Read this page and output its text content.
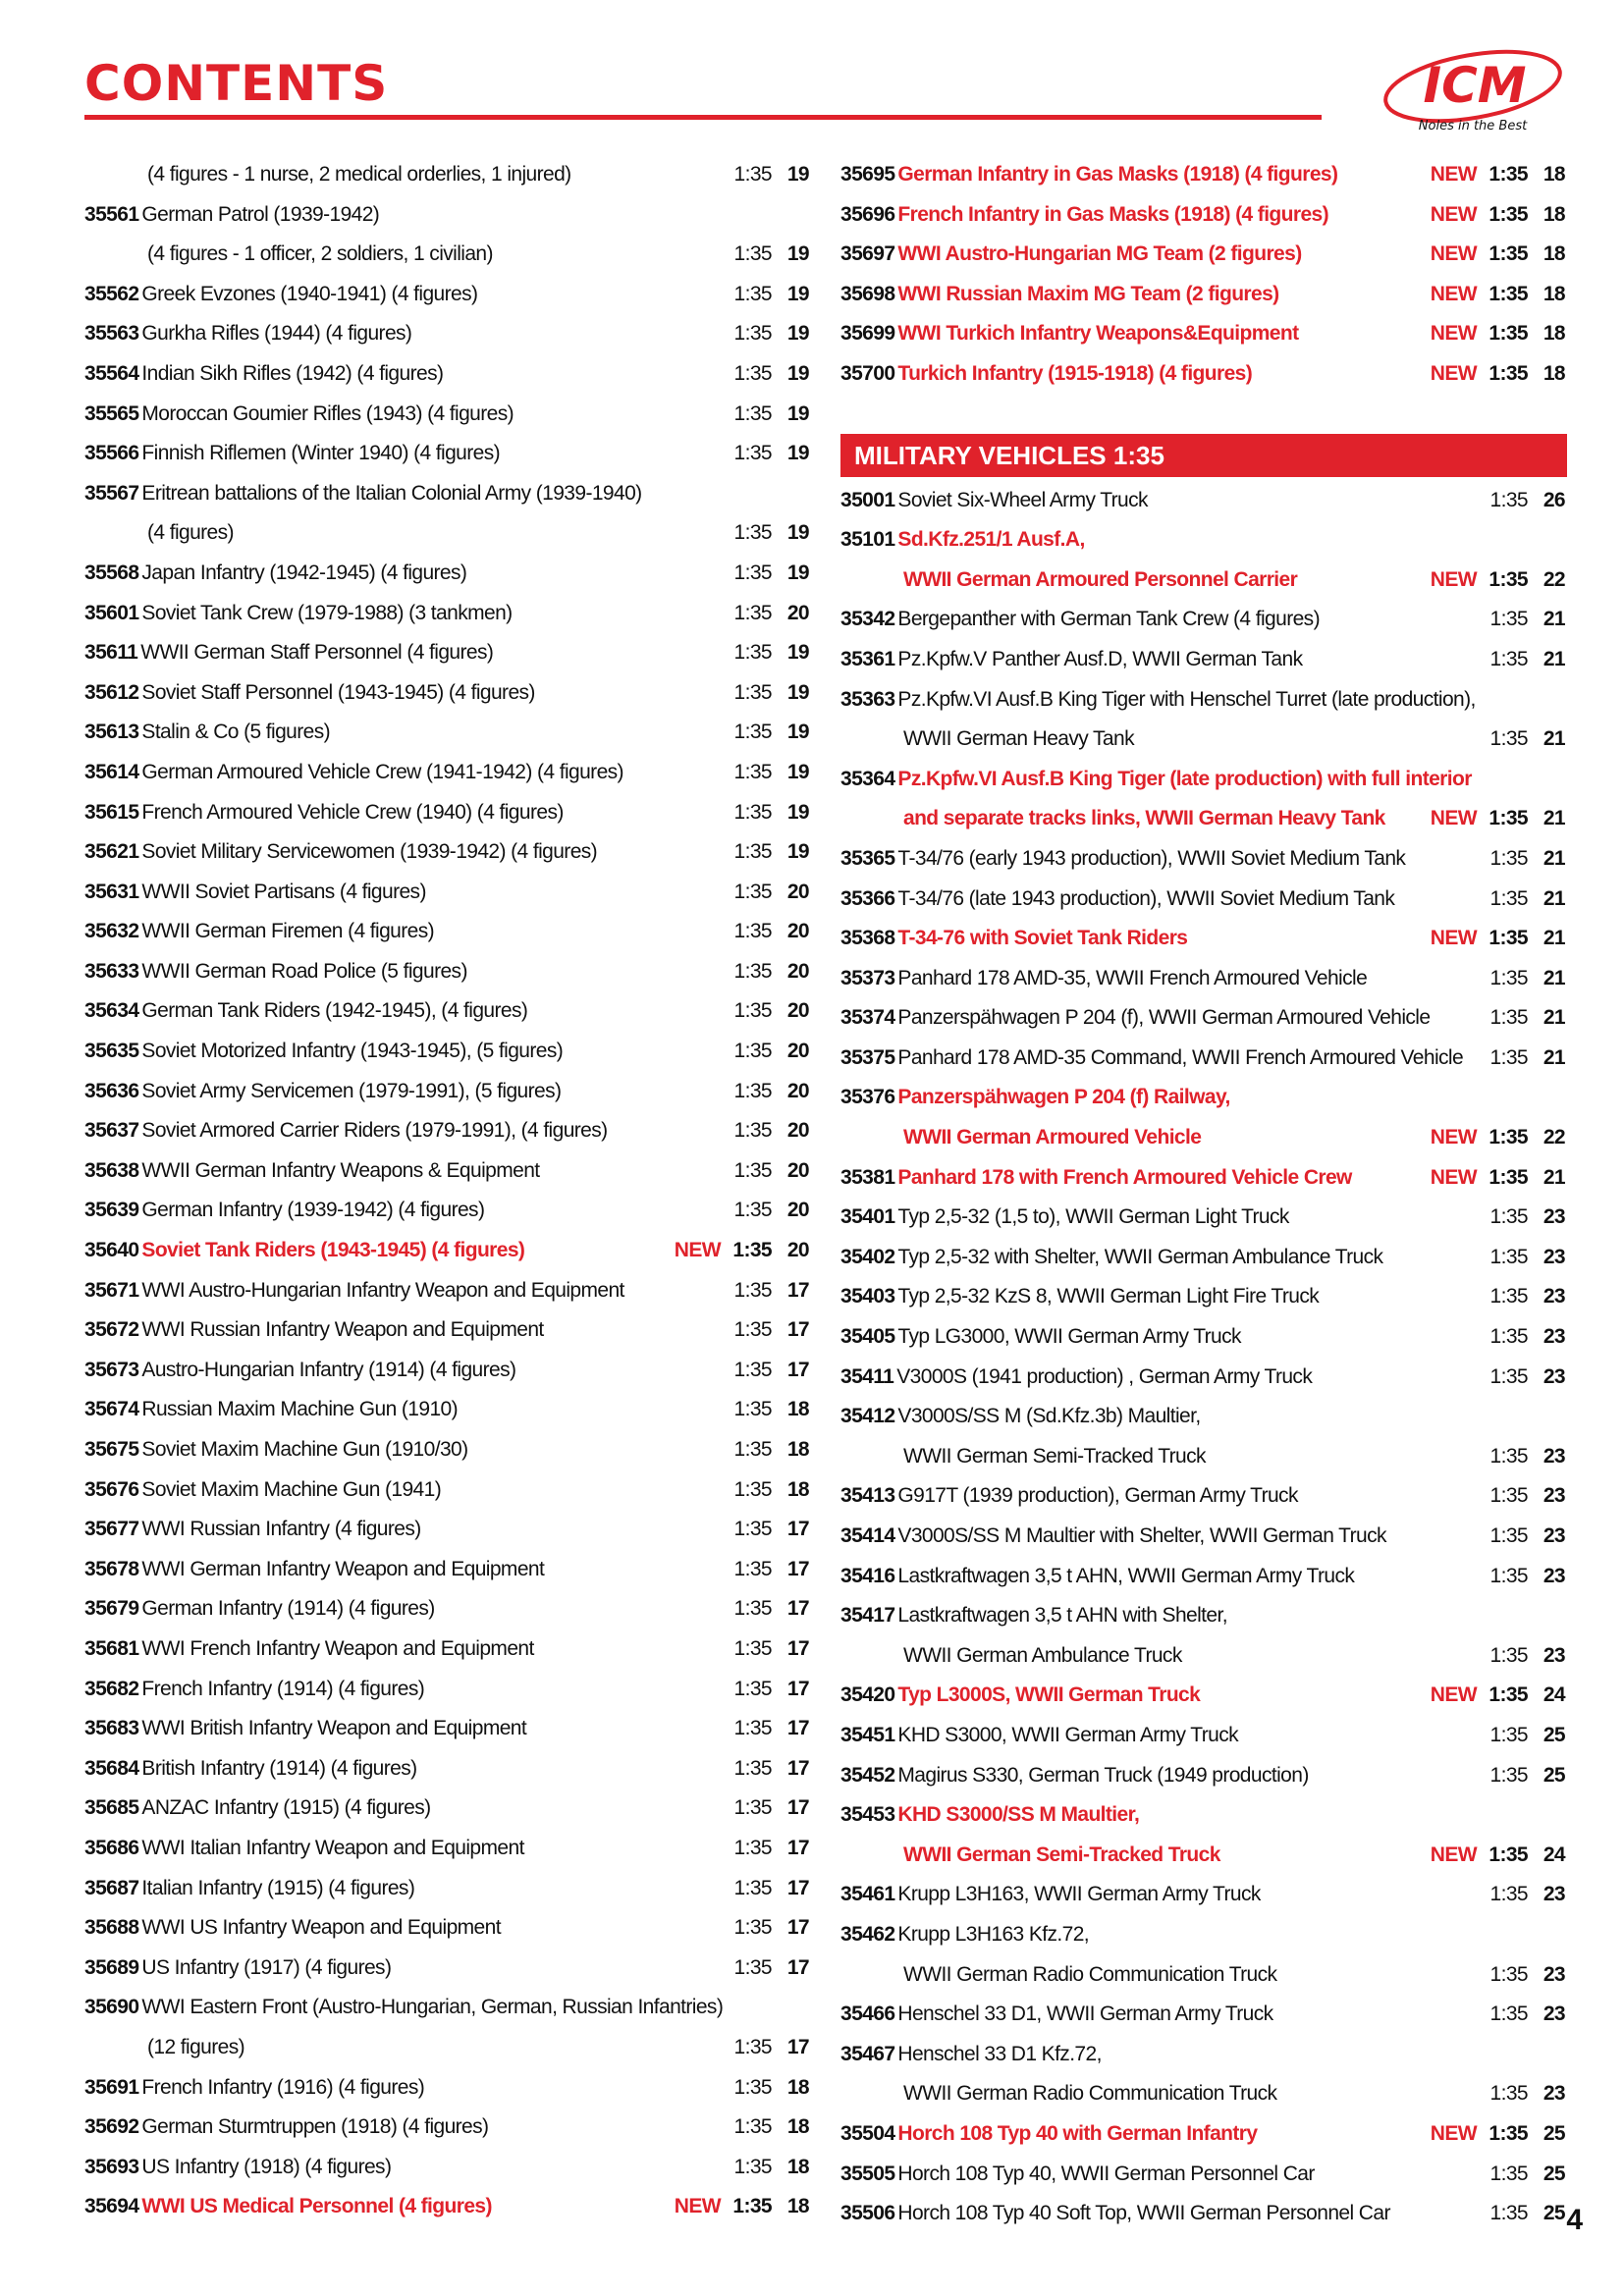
CONTENTS	ICM
Noles in the Best
(4 figures - 1 nurse, 2 medical orderlies, 1 injured)	1:35 19
35561 German Patrol (1939-1942)
(4 figures - 1 officer, 2 soldiers, 1 civilian)	1:35 19
35562 Greek Evzones (1940-1941) (4 figures)	1:35 19
35563 Gurkha Rifles (1944) (4 figures)	1:35 19
35564 Indian Sikh Rifles (1942) (4 figures)	1:35 19
35565 Moroccan Goumier Rifles (1943) (4 figures)	1:35 19
35566 Finnish Riflemen (Winter 1940) (4 figures)	1:35 19
35567 Eritrean battalions of the Italian Colonial Army (1939-1940)
(4 figures)	1:35 19
35568 Japan Infantry (1942-1945) (4 figures)	1:35 19
35601 Soviet Tank Crew (1979-1988) (3 tankmen)	1:35 20
35611 WWII German Staff Personnel (4 figures)	1:35 19
35612 Soviet Staff Personnel (1943-1945) (4 figures)	1:35 19
35613 Stalin & Co (5 figures)	1:35 19
35614 German Armoured Vehicle Crew (1941-1942) (4 figures)	1:35 19
35615 French Armoured Vehicle Crew (1940) (4 figures)	1:35 19
35621 Soviet Military Servicewomen (1939-1942) (4 figures)	1:35 19
35631 WWII Soviet Partisans (4 figures)	1:35 20
35632 WWII German Firemen (4 figures)	1:35 20
35633 WWII German Road Police (5 figures)	1:35 20
35634 German Tank Riders (1942-1945), (4 figures)	1:35 20
35635 Soviet Motorized Infantry (1943-1945), (5 figures)	1:35 20
35636 Soviet Army Servicemen (1979-1991), (5 figures)	1:35 20
35637 Soviet Armored Carrier Riders (1979-1991), (4 figures)	1:35 20
35638 WWII German Infantry Weapons & Equipment	1:35 20
35639 German Infantry (1939-1942) (4 figures)	1:35 20
35640 Soviet Tank Riders (1943-1945) (4 figures)	NEW 1:35 20
35671 WWI Austro-Hungarian Infantry Weapon and Equipment	1:35 17
35672 WWI Russian Infantry Weapon and Equipment	1:35 17
35673 Austro-Hungarian Infantry (1914) (4 figures)	1:35 17
35674 Russian Maxim Machine Gun (1910)	1:35 18
35675 Soviet Maxim Machine Gun (1910/30)	1:35 18
35676 Soviet Maxim Machine Gun (1941)	1:35 18
35677 WWI Russian Infantry (4 figures)	1:35 17
35678 WWI German Infantry Weapon and Equipment	1:35 17
35679 German Infantry (1914) (4 figures)	1:35 17
35681 WWI French Infantry Weapon and Equipment	1:35 17
35682 French Infantry (1914) (4 figures)	1:35 17
35683 WWI British Infantry Weapon and Equipment	1:35 17
35684 British Infantry (1914) (4 figures)	1:35 17
35685 ANZAC Infantry (1915) (4 figures)	1:35 17
35686 WWI Italian Infantry Weapon and Equipment	1:35 17
35687 Italian Infantry (1915) (4 figures)	1:35 17
35688 WWI US Infantry Weapon and Equipment	1:35 17
35689 US Infantry (1917) (4 figures)	1:35 17
35690 WWI Eastern Front (Austro-Hungarian, German, Russian Infantries)
(12 figures)	1:35 17
35691 French Infantry (1916) (4 figures)	1:35 18
35692 German Sturmtruppen (1918) (4 figures)	1:35 18
35693 US Infantry (1918) (4 figures)	1:35 18
35694 WWI US Medical Personnel (4 figures)	NEW 1:35 18
35695 German Infantry in Gas Masks (1918) (4 figures)	NEW 1:35 18
35696 French Infantry in Gas Masks (1918) (4 figures)	NEW 1:35 18
35697 WWI Austro-Hungarian MG Team (2 figures)	NEW 1:35 18
35698 WWI Russian Maxim MG Team (2 figures)	NEW 1:35 18
35699 WWI Turkich Infantry Weapons&Equipment	NEW 1:35 18
35700 Turkich Infantry (1915-1918) (4 figures)	NEW 1:35 18
MILITARY VEHICLES 1:35
35001 Soviet Six-Wheel Army Truck	1:35 26
35101 Sd.Kfz.251/1 Ausf.A,
WWII German Armoured Personnel Carrier	NEW 1:35 22
35342 Bergepanther with German Tank Crew (4 figures)	1:35 21
35361 Pz.Kpfw.V Panther Ausf.D, WWII German Tank	1:35 21
35363 Pz.Kpfw.VI Ausf.B King Tiger with Henschel Turret (late production),
WWII German Heavy Tank	1:35 21
35364 Pz.Kpfw.VI Ausf.B King Tiger (late production) with full interior
and separate tracks links, WWII German Heavy Tank NEW 1:35 21
35365 T-34/76 (early 1943 production), WWII Soviet Medium Tank	1:35 21
35366 T-34/76 (late 1943 production), WWII Soviet Medium Tank	1:35 21
35368 T-34-76 with Soviet Tank Riders	NEW 1:35 21
35373 Panhard 178 AMD-35, WWII French Armoured Vehicle	1:35 21
35374 Panzerspähwagen P 204 (f), WWII German Armoured Vehicle	1:35 21
35375 Panhard 178 AMD-35 Command, WWII French Armoured Vehicle 1:35 21
35376 Panzerspähwagen P 204 (f) Railway,
WWII German Armoured Vehicle	NEW 1:35 22
35381 Panhard 178 with French Armoured Vehicle Crew	NEW 1:35 21
35401 Typ 2,5-32 (1,5 to), WWII German Light Truck	1:35 23
35402 Typ 2,5-32 with Shelter, WWII German Ambulance Truck	1:35 23
35403 Typ 2,5-32 KzS 8, WWII German Light Fire Truck	1:35 23
35405 Typ LG3000, WWII German Army Truck	1:35 23
35411 V3000S (1941 production) , German Army Truck	1:35 23
35412 V3000S/SS M (Sd.Kfz.3b) Maultier,
WWII German Semi-Tracked Truck	1:35 23
35413 G917T (1939 production), German Army Truck	1:35 23
35414 V3000S/SS M Maultier with Shelter, WWII German Truck	1:35 23
35416 Lastkraftwagen 3,5 t AHN, WWII German Army Truck	1:35 23
35417 Lastkraftwagen 3,5 t AHN with Shelter,
WWII German Ambulance Truck	1:35 23
35420 Typ L3000S, WWII German Truck	NEW 1:35 24
35451 KHD S3000, WWII German Army Truck	1:35 25
35452 Magirus S330, German Truck (1949 production)	1:35 25
35453 KHD S3000/SS M Maultier,
WWII German Semi-Tracked Truck	NEW 1:35 24
35461 Krupp L3H163, WWII German Army Truck	1:35 23
35462 Krupp L3H163 Kfz.72,
WWII German Radio Communication Truck	1:35 23
35466 Henschel 33 D1, WWII German Army Truck	1:35 23
35467 Henschel 33 D1 Kfz.72,
WWII German Radio Communication Truck	1:35 23
35504 Horch 108 Typ 40 with German Infantry	NEW 1:35 25
35505 Horch 108 Typ 40, WWII German Personnel Car	1:35 25
35506 Horch 108 Typ 40 Soft Top, WWII German Personnel Car	1:35 25 4
